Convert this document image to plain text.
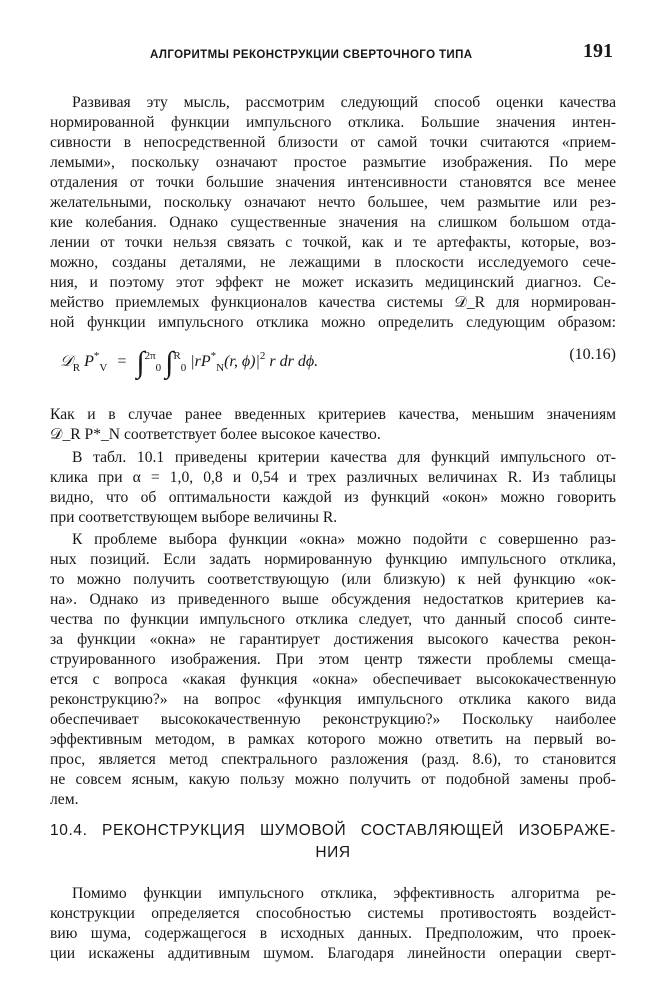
АЛГОРИТМЫ РЕКОНСТРУКЦИИ СВЕРТОЧНОГО ТИПА	191
Развивая эту мысль, рассмотрим следующий способ оценки качества
нормированной функции импульсного отклика. Большие значения интен-
сивности в непосредственной близости от самой точки считаются «прием-
лемыми», поскольку означают простое размытие изображения. По мере
отдаления от точки большие значения интенсивности становятся все менее
желательными, поскольку означают нечто большее, чем размытие или рез-
кие колебания. Однако существенные значения на слишком большом отда-
лении от точки нельзя связать с точкой, как и те артефакты, которые, воз-
можно, созданы деталями, не лежащими в плоскости исследуемого сече-
ния, и поэтому этот эффект не может исказить медицинский диагноз. Се-
мейство приемлемых функционалов качества системы 𝒟_R для нормирован-
ной функции импульсного отклика можно определить следующим образом:
𝒟$_R$ $P^*_V = \int^{2\pi}_0$ ∫$^R_0$ $|rP^*_N(r$, $\phi)|^2$ r dr dϕ.	(10.16)
Как и в случае ранее введенных критериев качества, меньшим значениям
𝒟_R P*_N соответствует более высокое качество.
В табл. 10.1 приведены критерии качества для функций импульсного от-
клика при α = 1,0, 0,8 и 0,54 и трех различных величинах R. Из таблицы
видно, что об оптимальности каждой из функций «окон» можно говорить
при соответствующем выборе величины R.
К проблеме выбора функции «окна» можно подойти с совершенно раз-
ных позиций. Если задать нормированную функцию импульсного отклика,
то можно получить соответствующую (или близкую) к ней функцию «ок-
на». Однако из приведенного выше обсуждения недостатков критериев ка-
чества по функции импульсного отклика следует, что данный способ синте-
за функции «окна» не гарантирует достижения высокого качества рекон-
струированного изображения. При этом центр тяжести проблемы смеща-
ется с вопроса «какая функция «окна» обеспечивает высококачественную
реконструкцию?» на вопрос «функция импульсного отклика какого вида
обеспечивает высококачественную реконструкцию?» Поскольку наиболее
эффективным методом, в рамках которого можно ответить на первый во-
прос, является метод спектрального разложения (разд. 8.6), то становится
не совсем ясным, какую пользу можно получить от подобной замены проб-
лем.
10.4. РЕКОНСТРУКЦИЯ ШУМОВОЙ СОСТАВЛЯЮЩЕЙ ИЗОБРАЖЕ-
НИЯ
Помимо функции импульсного отклика, эффективность алгоритма ре-
конструкции определяется способностью системы противостоять воздейст-
вию шума, содержащегося в исходных данных. Предположим, что проек-
ции искажены аддитивным шумом. Благодаря линейности операции сверт-
